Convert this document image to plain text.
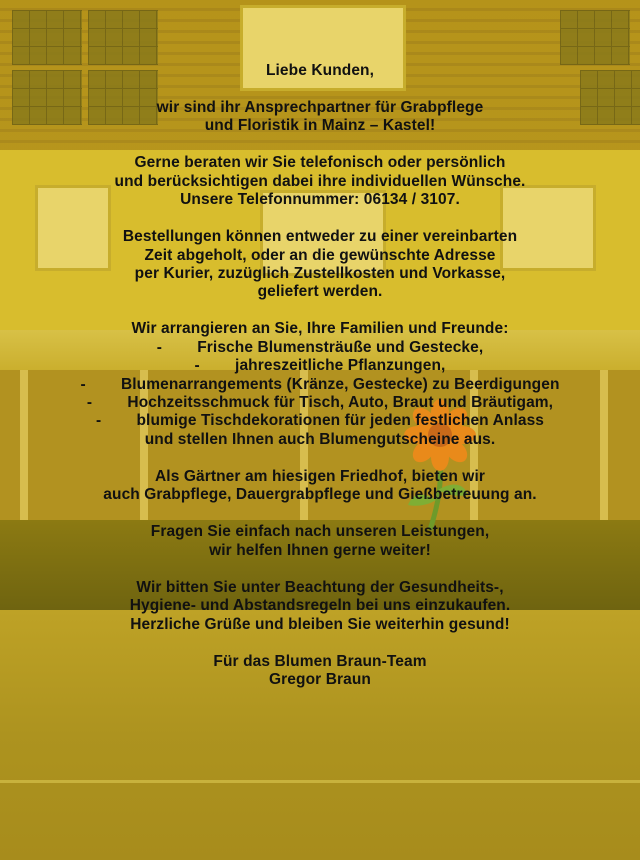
Liebe Kunden,
wir sind ihr Ansprechpartner für Grabpflege
und Floristik in Mainz – Kastel!
Gerne beraten wir Sie telefonisch oder persönlich
und berücksichtigen dabei ihre individuellen Wünsche.
Unsere Telefonnummer: 06134 / 3107.
Bestellungen können entweder zu einer vereinbarten
Zeit abgeholt, oder an die gewünschte Adresse
per Kurier, zuzüglich Zustellkosten und Vorkasse,
geliefert werden.
Wir arrangieren an Sie, Ihre Familien und Freunde:
-        Frische Blumensträuße und Gestecke,
-        jahreszeitliche Pflanzungen,
-        Blumenarrangements (Kränze, Gestecke) zu Beerdigungen
-        Hochzeitsschmuck für Tisch, Auto, Braut und Bräutigam,
-        blumige Tischdekorationen für jeden festlichen Anlass
und stellen Ihnen auch Blumengutscheine aus.
Als Gärtner am hiesigen Friedhof, bieten wir
auch Grabpflege, Dauergrabpflege und Gießbetreuung an.
Fragen Sie einfach nach unseren Leistungen,
wir helfen Ihnen gerne weiter!
Wir bitten Sie unter Beachtung der Gesundheits-,
Hygiene- und Abstandsregeln bei uns einzukaufen.
Herzliche Grüße und bleiben Sie weiterhin gesund!
Für das Blumen Braun-Team
Gregor Braun
